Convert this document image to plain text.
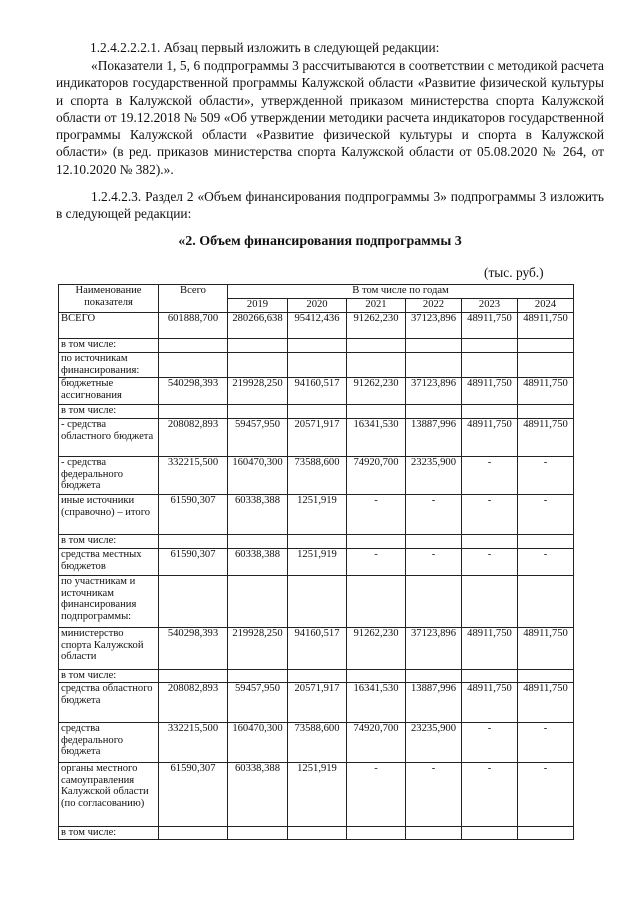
1.2.4.2.2.2.1. Абзац первый изложить в следующей редакции:
«Показатели 1, 5, 6 подпрограммы 3 рассчитываются в соответствии с методикой расчета индикаторов государственной программы Калужской области «Развитие физической культуры и спорта в Калужской области», утвержденной приказом министерства спорта Калужской области от 19.12.2018 № 509 «Об утверждении методики расчета индикаторов государственной программы Калужской области «Развитие физической культуры и спорта в Калужской области» (в ред. приказов министерства спорта Калужской области от 05.08.2020 № 264, от 12.10.2020 № 382).».
1.2.4.2.3. Раздел 2 «Объем финансирования подпрограммы 3» подпрограммы 3 изложить в следующей редакции:
«2. Объем финансирования подпрограммы 3
(тыс. руб.)
Наименование показателя	Всего	В том числе по годам					
		2019	2020	2021	2022	2023	2024
ВСЕГО	601888,700	280266,638	95412,436	91262,230	37123,896	48911,750	48911,750
в том числе:							
по источникам финансирования:							
бюджетные ассигнования	540298,393	219928,250	94160,517	91262,230	37123,896	48911,750	48911,750
в том числе:							
- средства областного бюджета	208082,893	59457,950	20571,917	16341,530	13887,996	48911,750	48911,750
- средства федерального бюджета	332215,500	160470,300	73588,600	74920,700	23235,900	-	-
иные источники (справочно) – итого	61590,307	60338,388	1251,919	-	-	-	-
в том числе:							
средства местных бюджетов	61590,307	60338,388	1251,919	-	-	-	-
по участникам и источникам финансирования подпрограммы:							
министерство спорта Калужской области	540298,393	219928,250	94160,517	91262,230	37123,896	48911,750	48911,750
в том числе:							
средства областного бюджета	208082,893	59457,950	20571,917	16341,530	13887,996	48911,750	48911,750
средства федерального бюджета	332215,500	160470,300	73588,600	74920,700	23235,900	-	-
органы местного самоуправления Калужской области (по согласованию)	61590,307	60338,388	1251,919	-	-	-	-
в том числе:							
